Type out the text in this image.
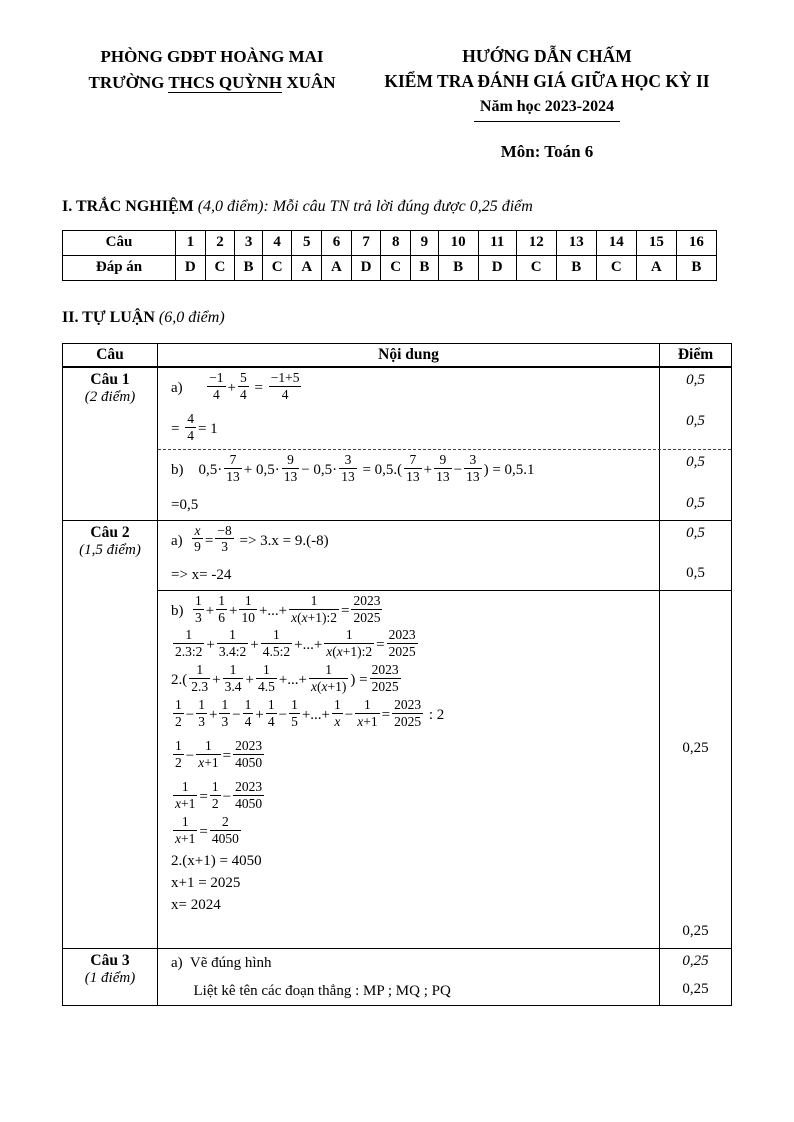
PHÒNG GDĐT HOÀNG MAI
TRƯỜNG THCS QUỲNH XUÂN
HƯỚNG DẪN CHẤM
KIỂM TRA ĐÁNH GIÁ GIỮA HỌC KỲ II
Năm học 2023-2024
Môn: Toán 6
I. TRẮC NGHIỆM (4,0 điểm): Mỗi câu TN trả lời đúng được 0,25 điểm
Câu	1	2	3	4	5	6	7	8	9	10	11	12	13	14	15	16
Đáp án	D	C	B	C	A	A	D	C	B	B	D	C	B	C	A	B
II. TỰ LUẬN (6,0 điểm)
Câu	Nội dung	Điểm
Câu 1
(2 điểm)
$a) \frac{-1}{4} + \frac{5}{4} = \frac{-1+5}{4}$	0,5
= $\frac{4}{4} = 1$	0,5
b)    $0,5\cdot \frac{7}{13} + 0,5\cdot \frac{9}{13} - 0,5\cdot \frac{3}{13} = 0,5.( \frac{7}{13} + \frac{9}{13} - \frac{3}{13}$ ) = 0,5.1	0,5
=0,5	0,5
Câu 2
(1,5 điểm)
$a) \frac{x}{9} = \frac{-8}{3} => 3.x = 9.(-8)$	0,5
=> x= -24	0,5
$b) \frac{1}{3} + \frac{1}{6} + \frac{1}{10}$ +...+ $\frac{1}{x(x+1):2} = \frac{2023}{2025}$
$\frac{1}{2.3:2} + \frac{1}{3.4:2} + \frac{1}{4.5:2}$ +...+ $\frac{1}{x(x+1):2} = \frac{2023}{2025}$
$2.( \frac{1}{2.3} + \frac{1}{3.4} + \frac{1}{4.5}$ +...+ $\frac{1}{x(x+1)}$ ) = $\frac{2023}{2025}$
$\frac{1}{2} - \frac{1}{3} + \frac{1}{3} - \frac{1}{4} + \frac{1}{4} - \frac{1}{5}$ +...+ $\frac{1}{x} - \frac{1}{x+1} = \frac{2023}{2025}$ : 2
$\frac{1}{2} - \frac{1}{x+1} = \frac{2023}{4050}$	0,25
$\frac{1}{x+1} = \frac{1}{2} - \frac{2023}{4050}$
$\frac{1}{x+1} = \frac{2}{4050}$
2.(x+1) = 4050
x+1 = 2025
x= 2024

0,25
Câu 3
(1 điểm)
a)  Vẽ đúng hình	0,25
Liệt kê tên các đoạn thẳng : MP ; MQ ; PQ	0,25
